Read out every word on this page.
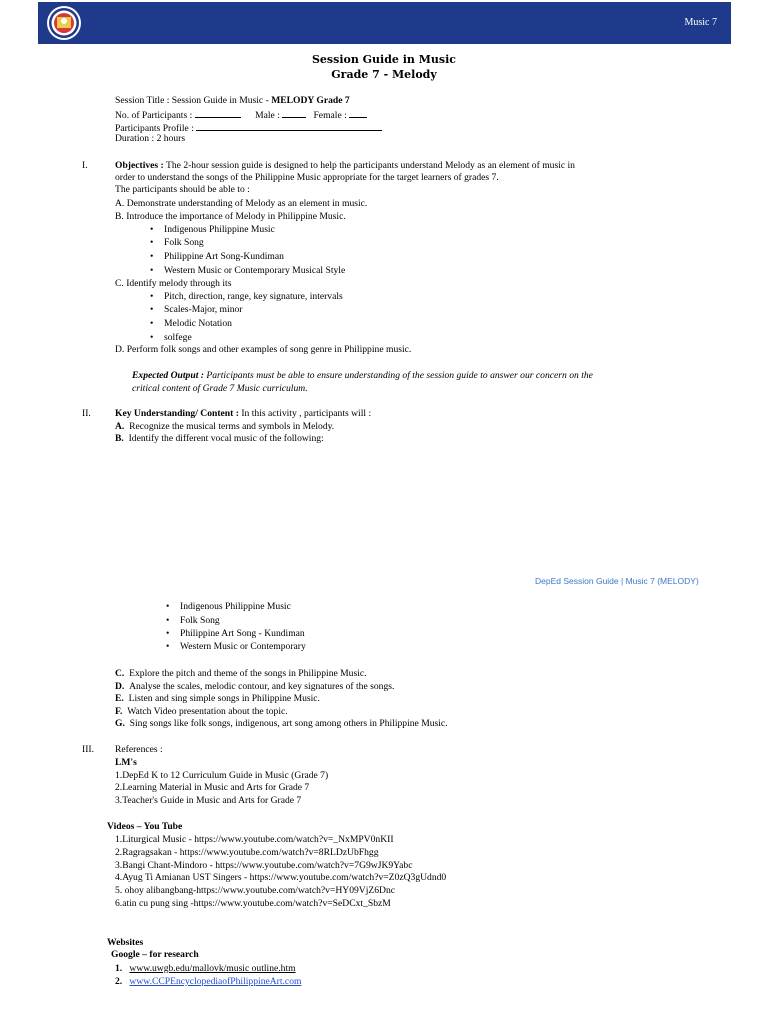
Music 7
Session Guide in Music
Grade 7 - Melody
Session Title : Session Guide in Music - MELODY Grade 7
No. of Participants :	Male :	Female :
Participants Profile :
Duration : 2 hours
I.	Objectives : The 2-hour session guide is designed to help the participants understand Melody as an element of music in
order to understand the songs of the Philippine Music appropriate for the target learners of grades 7.
The participants should be able to :
A. Demonstrate understanding of Melody as an element in music.
B. Introduce the importance of Melody in Philippine Music.
• Indigenous Philippine Music
• Folk Song
• Philippine Art Song-Kundiman
• Western Music or Contemporary Musical Style
C. Identify melody through its
• Pitch, direction, range, key signature, intervals
• Scales-Major, minor
• Melodic Notation
• solfege
D. Perform folk songs and other examples of song genre in Philippine music.
Expected Output : Participants must be able to ensure understanding of the session guide to answer our concern on the
critical content of Grade 7 Music curriculum.
II.	Key Understanding/ Content : In this activity , participants will :
A. Recognize the musical terms and symbols in Melody.
B. Identify the different vocal music of the following:
DepEd Session Guide | Music 7 (MELODY)
• Indigenous Philippine Music
• Folk Song
• Philippine Art Song - Kundiman
• Western Music or Contemporary
C. Explore the pitch and theme of the songs in Philippine Music.
D. Analyse the scales, melodic contour, and key signatures of the songs.
E. Listen and sing simple songs in Philippine Music.
F. Watch Video presentation about the topic.
G. Sing songs like folk songs, indigenous, art song among others in Philippine Music.
III. References :
LM's
1.DepEd K to 12 Curriculum Guide in Music (Grade 7)
2.Learning Material in Music and Arts for Grade 7
3.Teacher's Guide in Music and Arts for Grade 7
Videos – You Tube
1.Liturgical Music - https://www.youtube.com/watch?v=_NxMPV0nKII
2.Ragragsakan - https://www.youtube.com/watch?v=8RLDzUbFhgg
3.Bangi Chant-Mindoro - https://www.youtube.com/watch?v=7G9wJK9Yabc
4.Ayug Ti Amianan UST Singers - https://www.youtube.com/watch?v=Z0zQ3gUdnd0
5. ohoy alibangbang-https://www.youtube.com/watch?v=HY09VjZ6Dnc
6.atin cu pung sing -https://www.youtube.com/watch?v=SeDCxt_SbzM
Websites
Google – for research
1. www.uwgb.edu/mallovk/music outline.htm
2. www.CCPEncyclopediaofPhilippineArt.com
